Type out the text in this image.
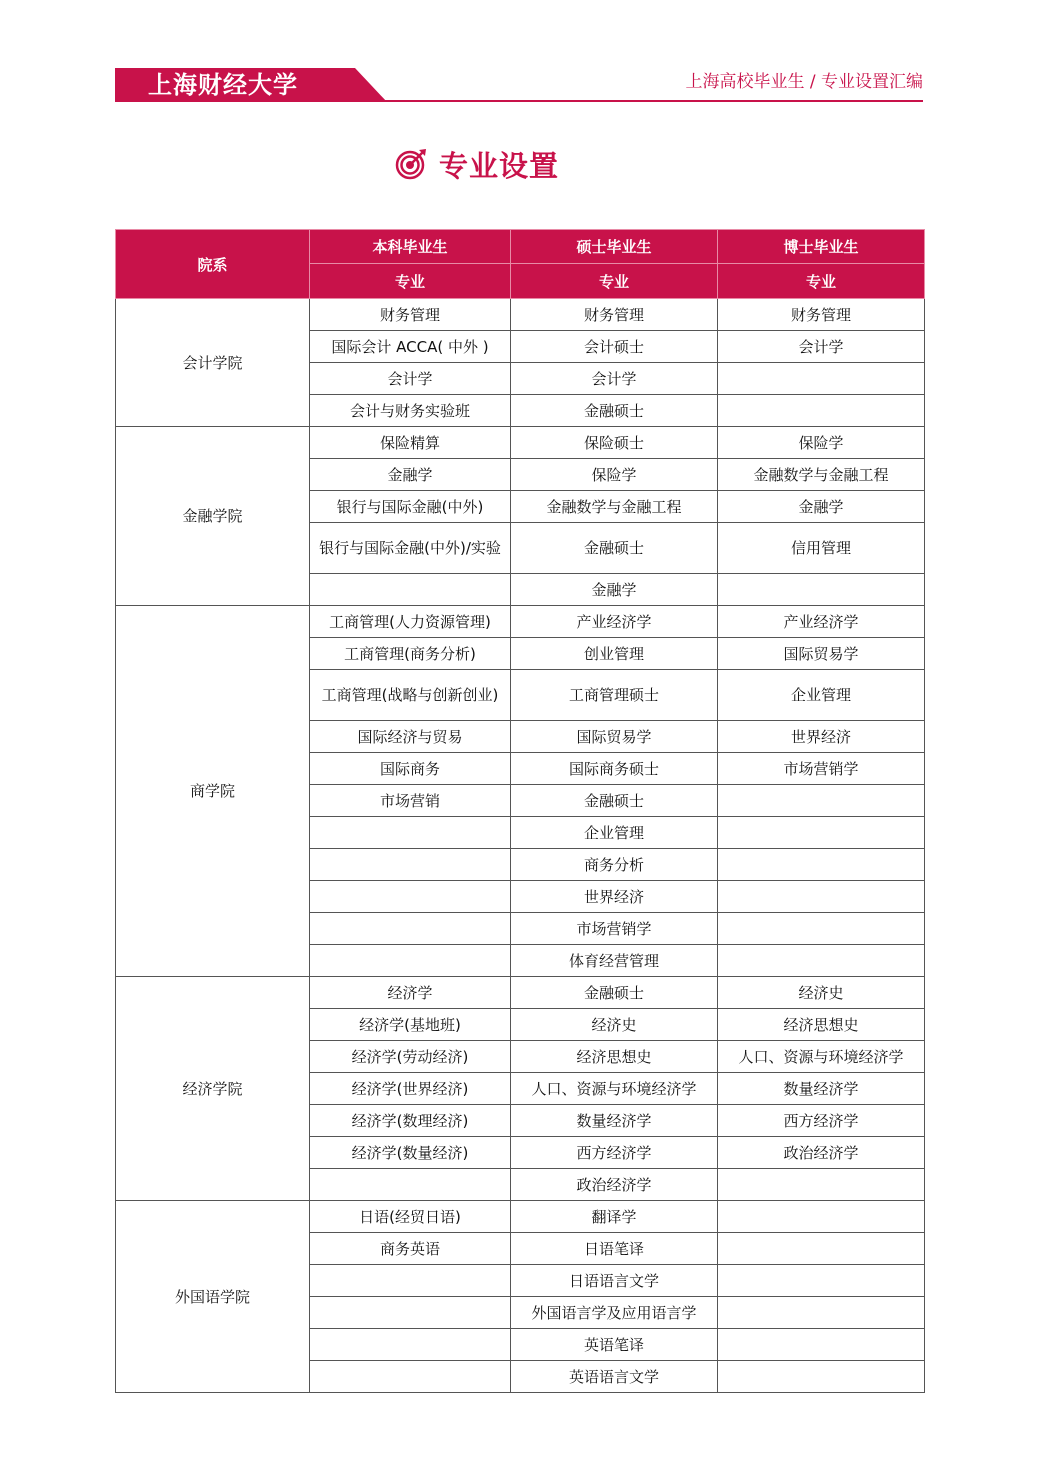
上海财经大学	上海高校毕业生 / 专业设置汇编
专业设置
院系	本科毕业生	硕士毕业生	博士毕业生
	专业	专业	专业
会计学院	财务管理	财务管理	财务管理
	国际会计 ACCA( 中外 )	会计硕士	会计学
	会计学	会计学	
	会计与财务实验班	金融硕士	
金融学院	保险精算	保险硕士	保险学
	金融学	保险学	金融数学与金融工程
	银行与国际金融(中外)	金融数学与金融工程	金融学
	银行与国际金融(中外)/实验	金融硕士	信用管理
		金融学	
商学院	工商管理(人力资源管理)	产业经济学	产业经济学
	工商管理(商务分析)	创业管理	国际贸易学
	工商管理(战略与创新创业)	工商管理硕士	企业管理
	国际经济与贸易	国际贸易学	世界经济
	国际商务	国际商务硕士	市场营销学
	市场营销	金融硕士	
		企业管理	
		商务分析	
		世界经济	
		市场营销学	
		体育经营管理	
经济学院	经济学	金融硕士	经济史
	经济学(基地班)	经济史	经济思想史
	经济学(劳动经济)	经济思想史	人口、资源与环境经济学
	经济学(世界经济)	人口、资源与环境经济学	数量经济学
	经济学(数理经济)	数量经济学	西方经济学
	经济学(数量经济)	西方经济学	政治经济学
		政治经济学	
外国语学院	日语(经贸日语)	翻译学	
	商务英语	日语笔译	
		日语语言文学	
		外国语言学及应用语言学	
		英语笔译	
		英语语言文学	
